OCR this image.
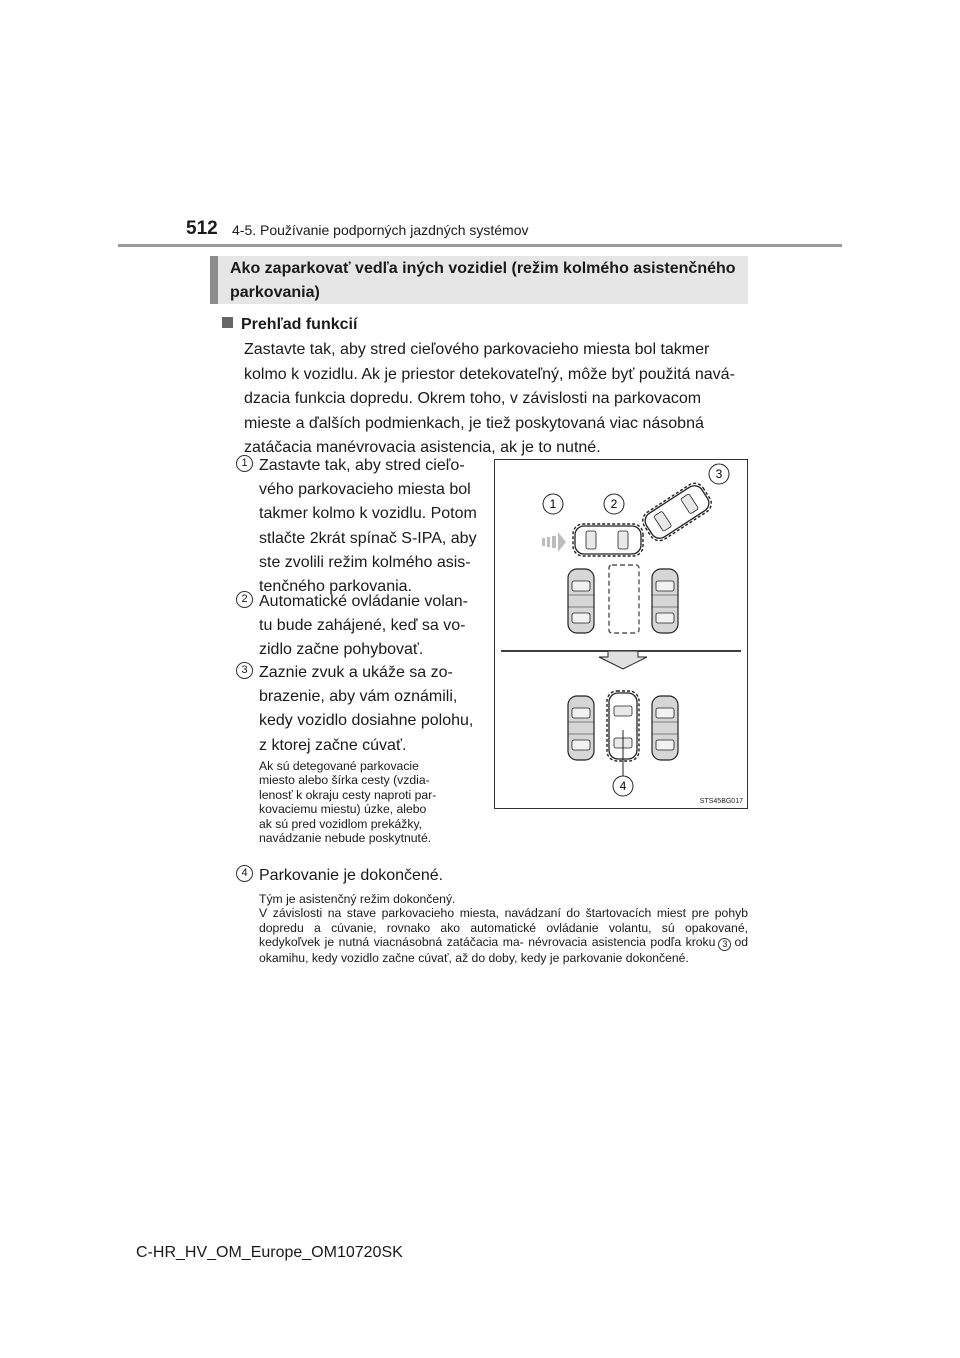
512 4-5. Používanie podporných jazdných systémov
Ako zaparkovať vedľa iných vozidiel (režim kolmého asistenčného
parkovania)
Prehľad funkcií
Zastavte tak, aby stred cieľového parkovacieho miesta bol takmer
kolmo k vozidlu. Ak je priestor detekovateľný, môže byť použitá navá-
dzacia funkcia dopredu. Okrem toho, v závislosti na parkovacom
mieste a ďalších podmienkach, je tiež poskytovaná viac násobná
zatáčacia manévrovacia asistencia, ak je to nutné.
1 Zastavte tak, aby stred cieľo-
vého parkovacieho miesta bol
takmer kolmo k vozidlu. Potom
stlačte 2krát spínač S-IPA, aby
ste zvolili režim kolmého asis-
tenčného parkovania.
2 Automatické ovládanie volan-
tu bude zahájené, keď sa vo-
zidlo začne pohybovať.
3 Zaznie zvuk a ukáže sa zo-
brazenie, aby vám oznámili,
kedy vozidlo dosiahne polohu,
z ktorej začne cúvať.
Ak sú detegované parkovacie
miesto alebo šírka cesty (vzdia-
lenosť k okraju cesty naproti par-
kovaciemu miestu) úzke, alebo
ak sú pred vozidlom prekážky,
navádzanie nebude poskytnuté.
4 Parkovanie je dokončené.
Tým je asistenčný režim dokončený.
V závislosti na stave parkovacieho miesta, navádzaní do štartovacích miest pre pohyb dopredu a cúvanie, rovnako ako automatické ovládanie volantu, sú opakované, kedykoľvek je nutná viacnásobná zatáčacia ma- névrovacia asistencia podľa kroku 3 od okamihu, kedy vozidlo začne cúvať, až do doby, kedy je parkovanie dokončené.
1	2
3
4
STS45BG017
C-HR_HV_OM_Europe_OM10720SK
